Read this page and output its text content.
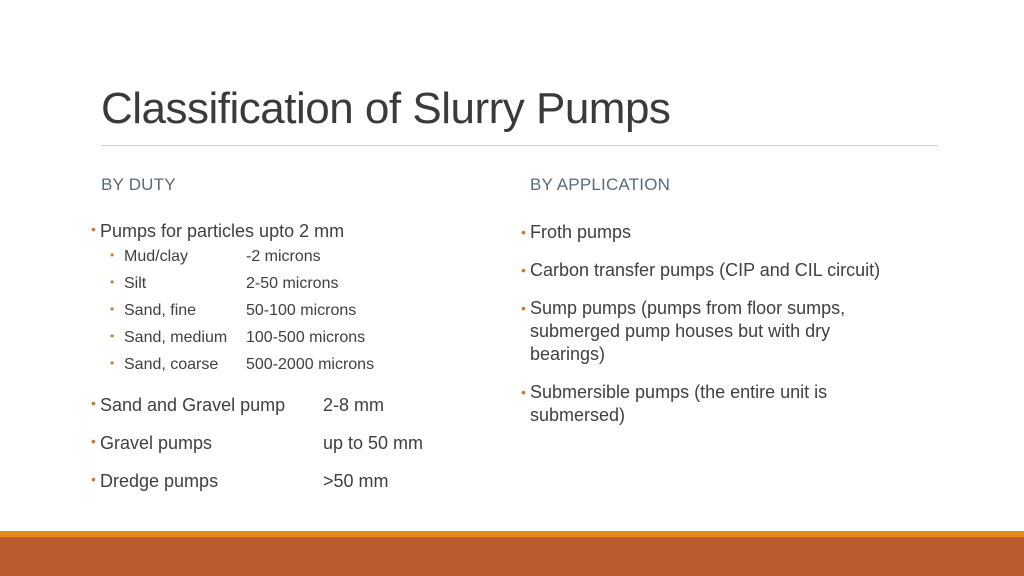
Classification of Slurry Pumps
BY DUTY	BY APPLICATION
• Pumps for particles upto 2 mm
• Mud/clay	-2 microns
• Silt	2-50 microns
• Sand, fine	50-100 microns
• Sand, medium 100-500 microns
• Sand, coarse 500-2000 microns
• Sand and Gravel pump 2-8 mm
• Gravel pumps	up to 50 mm
• Dredge pumps	>50 mm
• Froth pumps
• Carbon transfer pumps (CIP and CIL circuit)
• Sump pumps (pumps from floor sumps,
submerged pump houses but with dry
bearings)
• Submersible pumps (the entire unit is
submersed)
